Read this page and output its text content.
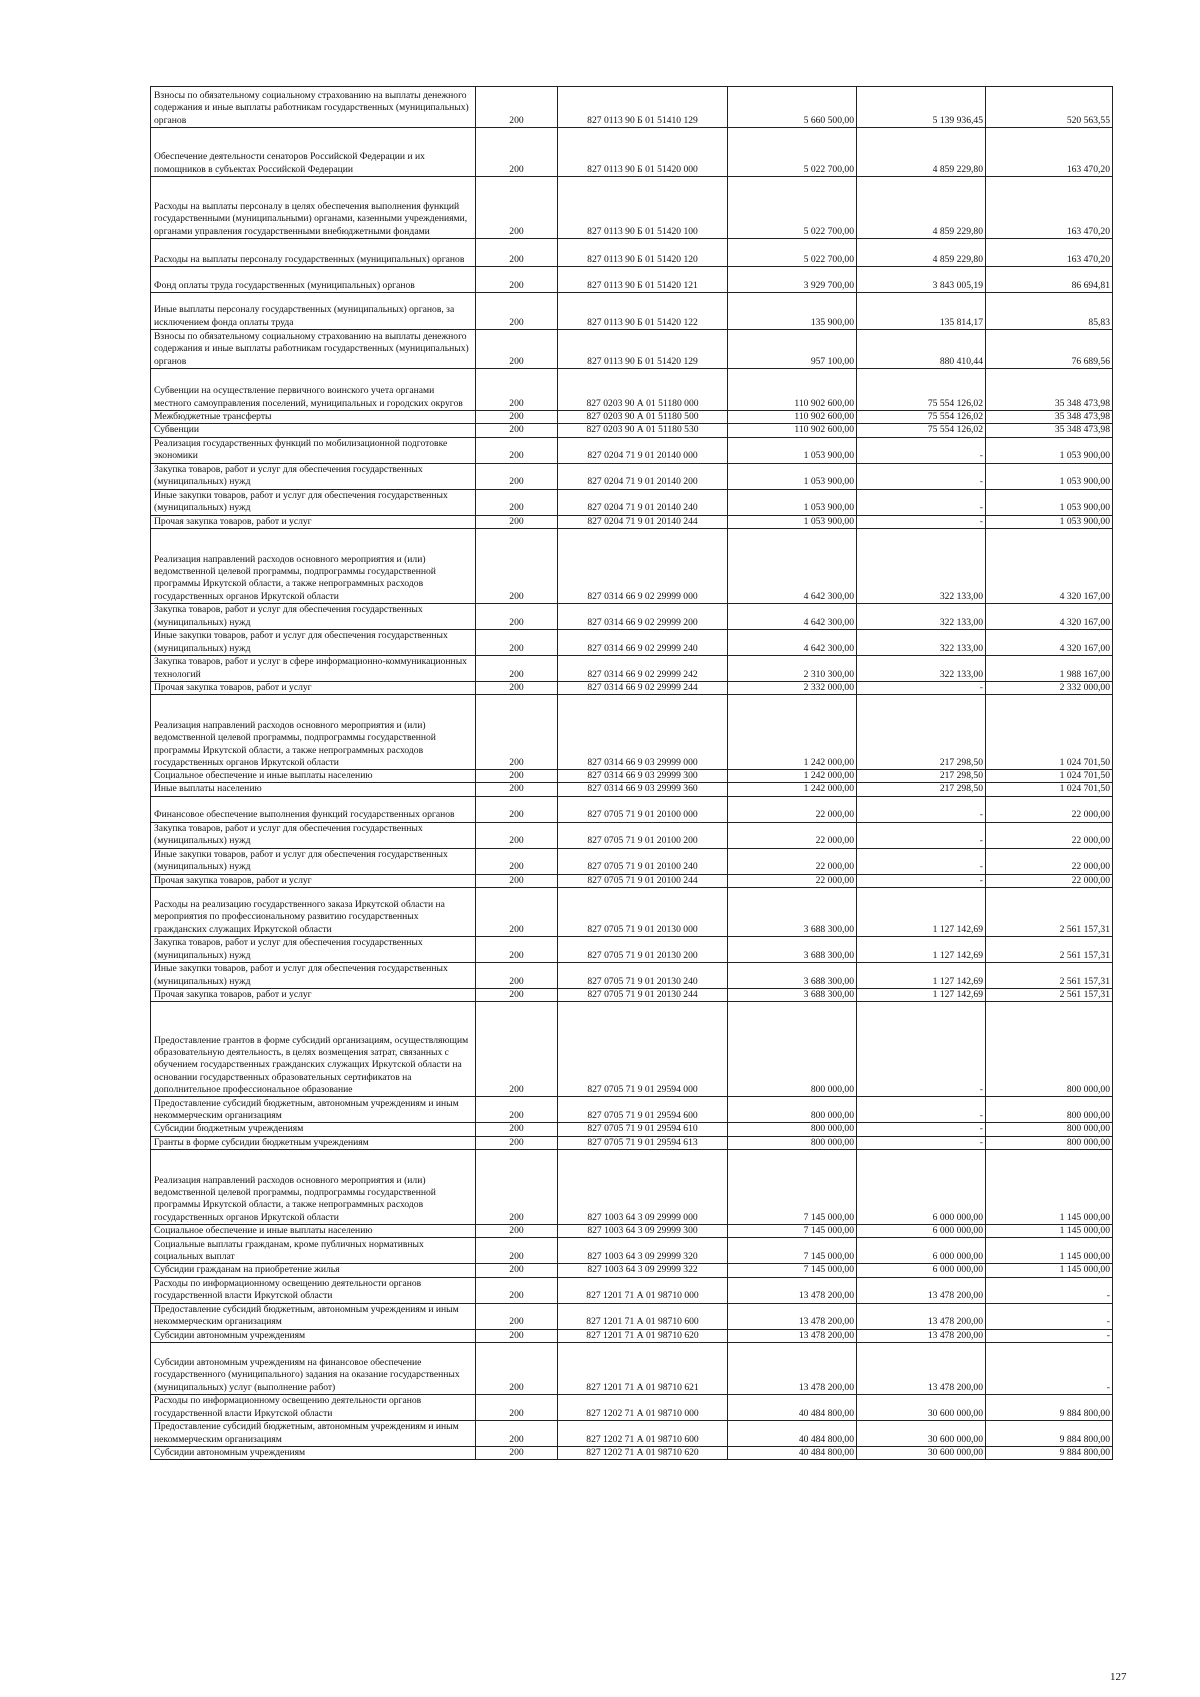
Взносы по обязательному социальному страхованию на выплаты денежного содержания и иные выплаты работникам государственных (муниципальных) органов	200	827 0113 90 Б 01 51410 129	5 660 500,00	5 139 936,45	520 563,55
Обеспечение деятельности сенаторов Российской Федерации и их помощников в субъектах Российской Федерации	200	827 0113 90 Б 01 51420 000	5 022 700,00	4 859 229,80	163 470,20
Расходы на выплаты персоналу в целях обеспечения выполнения функций государственными (муниципальными) органами, казенными учреждениями, органами управления государственными внебюджетными фондами	200	827 0113 90 Б 01 51420 100	5 022 700,00	4 859 229,80	163 470,20
Расходы на выплаты персоналу государственных (муниципальных) органов	200	827 0113 90 Б 01 51420 120	5 022 700,00	4 859 229,80	163 470,20
Фонд оплаты труда государственных (муниципальных) органов	200	827 0113 90 Б 01 51420 121	3 929 700,00	3 843 005,19	86 694,81
Иные выплаты персоналу государственных (муниципальных) органов, за исключением фонда оплаты труда	200	827 0113 90 Б 01 51420 122	135 900,00	135 814,17	85,83
Взносы по обязательному социальному страхованию на выплаты денежного содержания и иные выплаты работникам государственных (муниципальных) органов	200	827 0113 90 Б 01 51420 129	957 100,00	880 410,44	76 689,56
Субвенции на осуществление первичного воинского учета органами местного самоуправления поселений, муниципальных и городских округов	200	827 0203 90 А 01 51180 000	110 902 600,00	75 554 126,02	35 348 473,98
Межбюджетные трансферты	200	827 0203 90 А 01 51180 500	110 902 600,00	75 554 126,02	35 348 473,98
Субвенции	200	827 0203 90 А 01 51180 530	110 902 600,00	75 554 126,02	35 348 473,98
Реализация государственных функций по мобилизационной подготовке экономики	200	827 0204 71 9 01 20140 000	1 053 900,00	-	1 053 900,00
Закупка товаров, работ и услуг для обеспечения государственных (муниципальных) нужд	200	827 0204 71 9 01 20140 200	1 053 900,00	-	1 053 900,00
Иные закупки товаров, работ и услуг для обеспечения государственных (муниципальных) нужд	200	827 0204 71 9 01 20140 240	1 053 900,00	-	1 053 900,00
Прочая закупка товаров, работ и услуг	200	827 0204 71 9 01 20140 244	1 053 900,00	-	1 053 900,00
Реализация направлений расходов основного мероприятия и (или) ведомственной целевой программы, подпрограммы государственной программы Иркутской области, а также непрограммных расходов государственных органов Иркутской области	200	827 0314 66 9 02 29999 000	4 642 300,00	322 133,00	4 320 167,00
Закупка товаров, работ и услуг для обеспечения государственных (муниципальных) нужд	200	827 0314 66 9 02 29999 200	4 642 300,00	322 133,00	4 320 167,00
Иные закупки товаров, работ и услуг для обеспечения государственных (муниципальных) нужд	200	827 0314 66 9 02 29999 240	4 642 300,00	322 133,00	4 320 167,00
Закупка товаров, работ и услуг в сфере информационно-коммуникационных технологий	200	827 0314 66 9 02 29999 242	2 310 300,00	322 133,00	1 988 167,00
Прочая закупка товаров, работ и услуг	200	827 0314 66 9 02 29999 244	2 332 000,00	-	2 332 000,00
Реализация направлений расходов основного мероприятия и (или) ведомственной целевой программы, подпрограммы государственной программы Иркутской области, а также непрограммных расходов государственных органов Иркутской области	200	827 0314 66 9 03 29999 000	1 242 000,00	217 298,50	1 024 701,50
Социальное обеспечение и иные выплаты населению	200	827 0314 66 9 03 29999 300	1 242 000,00	217 298,50	1 024 701,50
Иные выплаты населению	200	827 0314 66 9 03 29999 360	1 242 000,00	217 298,50	1 024 701,50
Финансовое обеспечение выполнения функций государственных органов	200	827 0705 71 9 01 20100 000	22 000,00	-	22 000,00
Закупка товаров, работ и услуг для обеспечения государственных (муниципальных) нужд	200	827 0705 71 9 01 20100 200	22 000,00	-	22 000,00
Иные закупки товаров, работ и услуг для обеспечения государственных (муниципальных) нужд	200	827 0705 71 9 01 20100 240	22 000,00	-	22 000,00
Прочая закупка товаров, работ и услуг	200	827 0705 71 9 01 20100 244	22 000,00	-	22 000,00
Расходы на реализацию государственного заказа Иркутской области на мероприятия по профессиональному развитию государственных гражданских служащих Иркутской области	200	827 0705 71 9 01 20130 000	3 688 300,00	1 127 142,69	2 561 157,31
Закупка товаров, работ и услуг для обеспечения государственных (муниципальных) нужд	200	827 0705 71 9 01 20130 200	3 688 300,00	1 127 142,69	2 561 157,31
Иные закупки товаров, работ и услуг для обеспечения государственных (муниципальных) нужд	200	827 0705 71 9 01 20130 240	3 688 300,00	1 127 142,69	2 561 157,31
Прочая закупка товаров, работ и услуг	200	827 0705 71 9 01 20130 244	3 688 300,00	1 127 142,69	2 561 157,31
Предоставление грантов в форме субсидий организациям, осуществляющим образовательную деятельность, в целях возмещения затрат, связанных с обучением государственных гражданских служащих Иркутской области на основании государственных образовательных сертификатов на дополнительное профессиональное образование	200	827 0705 71 9 01 29594 000	800 000,00	-	800 000,00
Предоставление субсидий бюджетным, автономным учреждениям и иным некоммерческим организациям	200	827 0705 71 9 01 29594 600	800 000,00	-	800 000,00
Субсидии бюджетным учреждениям	200	827 0705 71 9 01 29594 610	800 000,00	-	800 000,00
Гранты в форме субсидии бюджетным учреждениям	200	827 0705 71 9 01 29594 613	800 000,00	-	800 000,00
Реализация направлений расходов основного мероприятия и (или) ведомственной целевой программы, подпрограммы государственной программы Иркутской области, а также непрограммных расходов государственных органов Иркутской области	200	827 1003 64 3 09 29999 000	7 145 000,00	6 000 000,00	1 145 000,00
Социальное обеспечение и иные выплаты населению	200	827 1003 64 3 09 29999 300	7 145 000,00	6 000 000,00	1 145 000,00
Социальные выплаты гражданам, кроме публичных нормативных социальных выплат	200	827 1003 64 3 09 29999 320	7 145 000,00	6 000 000,00	1 145 000,00
Субсидии гражданам на приобретение жилья	200	827 1003 64 3 09 29999 322	7 145 000,00	6 000 000,00	1 145 000,00
Расходы по информационному освещению деятельности органов государственной власти Иркутской области	200	827 1201 71 А 01 98710 000	13 478 200,00	13 478 200,00	-
Предоставление субсидий бюджетным, автономным учреждениям и иным некоммерческим организациям	200	827 1201 71 А 01 98710 600	13 478 200,00	13 478 200,00	-
Субсидии автономным учреждениям	200	827 1201 71 А 01 98710 620	13 478 200,00	13 478 200,00	-
Субсидии автономным учреждениям на финансовое обеспечение государственного (муниципального) задания на оказание государственных (муниципальных) услуг (выполнение работ)	200	827 1201 71 А 01 98710 621	13 478 200,00	13 478 200,00	-
Расходы по информационному освещению деятельности органов государственной власти Иркутской области	200	827 1202 71 А 01 98710 000	40 484 800,00	30 600 000,00	9 884 800,00
Предоставление субсидий бюджетным, автономным учреждениям и иным некоммерческим организациям	200	827 1202 71 А 01 98710 600	40 484 800,00	30 600 000,00	9 884 800,00
Субсидии автономным учреждениям	200	827 1202 71 А 01 98710 620	40 484 800,00	30 600 000,00	9 884 800,00
127
